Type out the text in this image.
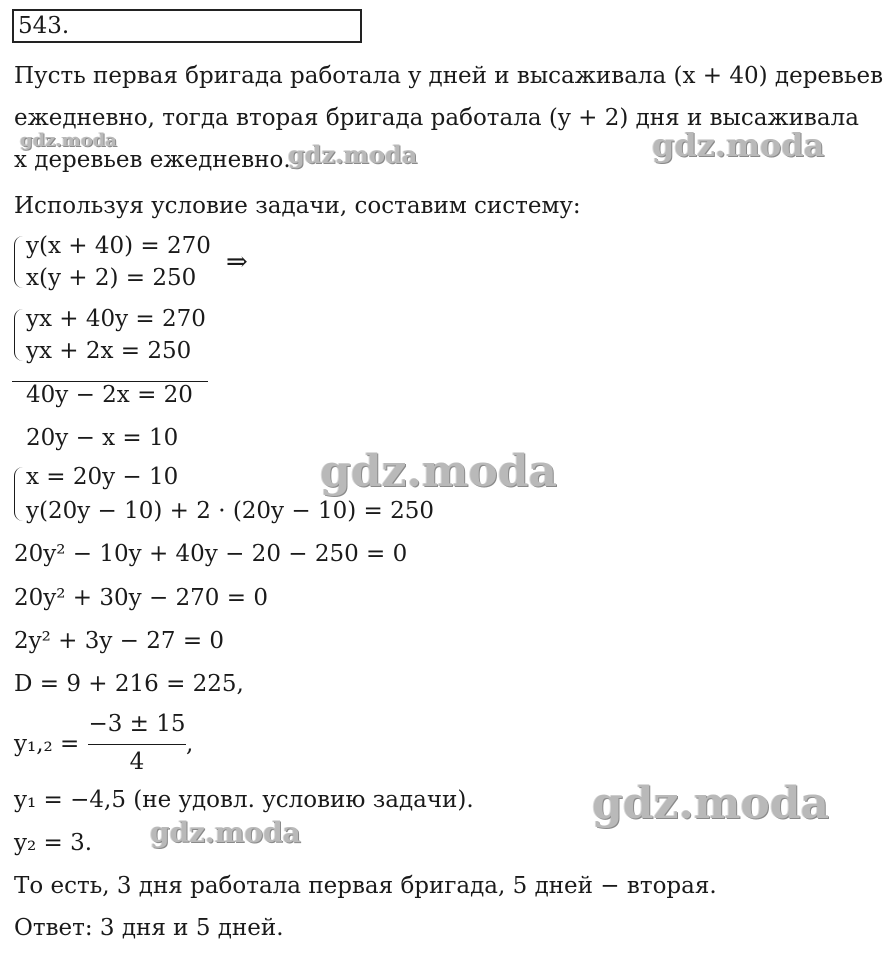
543.
Пусть первая бригада работала y дней и высаживала (x + 40) деревьев
ежедневно, тогда вторая бригада работала (y + 2) дня и высаживала
x деревьев ежедневно.
Используя условие задачи, составим систему:
y(x + 40) = 270
x(y + 2) = 250
⇒
yx + 40y = 270
yx + 2x = 250
40y − 2x = 20
20y − x = 10
x = 20y − 10
y(20y − 10) + 2 · (20y − 10) = 250
20y² − 10y + 40y − 20 − 250 = 0
20y² + 30y − 270 = 0
2y² + 3y − 27 = 0
D = 9 + 216 = 225,
y₁,₂ =
−3 ± 15
4
,
y₁ = −4,5 (не удовл. условию задачи).
y₂ = 3.
То есть, 3 дня работала первая бригада, 5 дней − вторая.
Ответ: 3 дня и 5 дней.
gdz.moda	gdz.moda	gdz.moda
gdz.moda
gdz.moda
gdz.moda
